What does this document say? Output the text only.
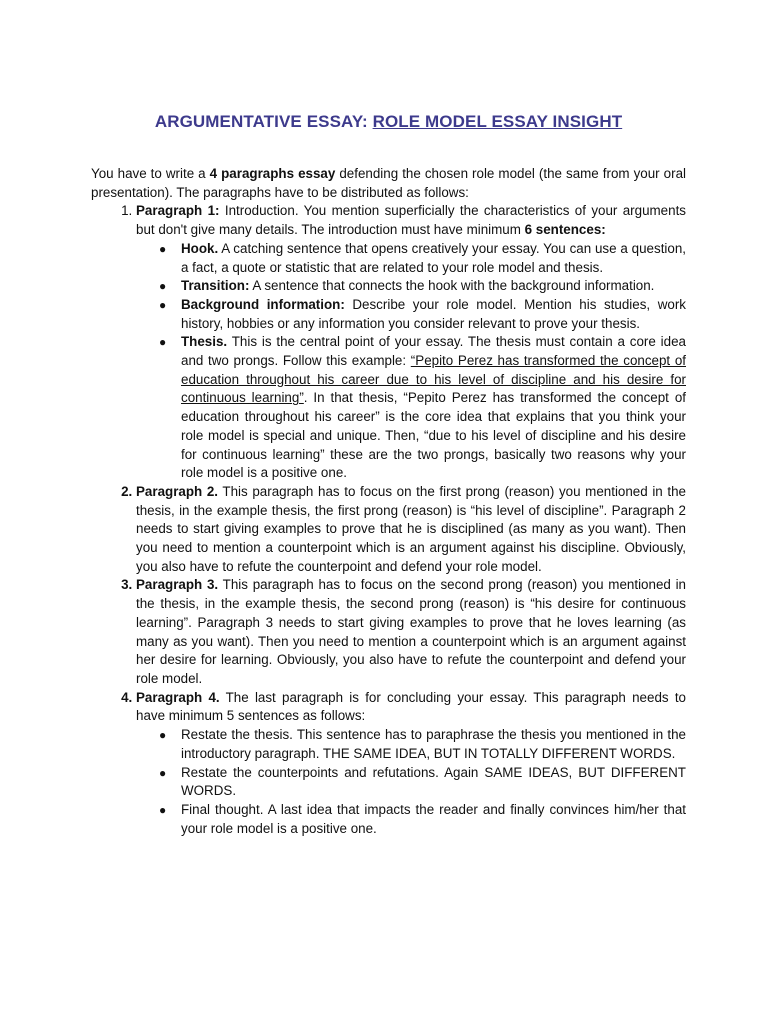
ARGUMENTATIVE ESSAY: ROLE MODEL ESSAY INSIGHT

You have to write a 4 paragraphs essay defending the chosen role model (the same from your oral presentation). The paragraphs have to be distributed as follows:

1. Paragraph 1: Introduction. You mention superficially the characteristics of your arguments but don't give many details. The introduction must have minimum 6 sentences:
● Hook. A catching sentence that opens creatively your essay. You can use a question, a fact, a quote or statistic that are related to your role model and thesis.
● Transition: A sentence that connects the hook with the background information.
● Background information: Describe your role model. Mention his studies, work history, hobbies or any information you consider relevant to prove your thesis.
● Thesis. This is the central point of your essay. The thesis must contain a core idea and two prongs. Follow this example: “Pepito Perez has transformed the concept of education throughout his career due to his level of discipline and his desire for continuous learning”. In that thesis, “Pepito Perez has transformed the concept of education throughout his career” is the core idea that explains that you think your role model is special and unique. Then, “due to his level of discipline and his desire for continuous learning” these are the two prongs, basically two reasons why your role model is a positive one.
2. Paragraph 2. This paragraph has to focus on the first prong (reason) you mentioned in the thesis, in the example thesis, the first prong (reason) is “his level of discipline”. Paragraph 2 needs to start giving examples to prove that he is disciplined (as many as you want). Then you need to mention a counterpoint which is an argument against his discipline. Obviously, you also have to refute the counterpoint and defend your role model.
3. Paragraph 3. This paragraph has to focus on the second prong (reason) you mentioned in the thesis, in the example thesis, the second prong (reason) is “his desire for continuous learning”. Paragraph 3 needs to start giving examples to prove that he loves learning (as many as you want). Then you need to mention a counterpoint which is an argument against her desire for learning. Obviously, you also have to refute the counterpoint and defend your role model.
4. Paragraph 4. The last paragraph is for concluding your essay. This paragraph needs to have minimum 5 sentences as follows:
● Restate the thesis. This sentence has to paraphrase the thesis you mentioned in the introductory paragraph. THE SAME IDEA, BUT IN TOTALLY DIFFERENT WORDS.
● Restate the counterpoints and refutations. Again SAME IDEAS, BUT DIFFERENT WORDS.
● Final thought. A last idea that impacts the reader and finally convinces him/her that your role model is a positive one.
